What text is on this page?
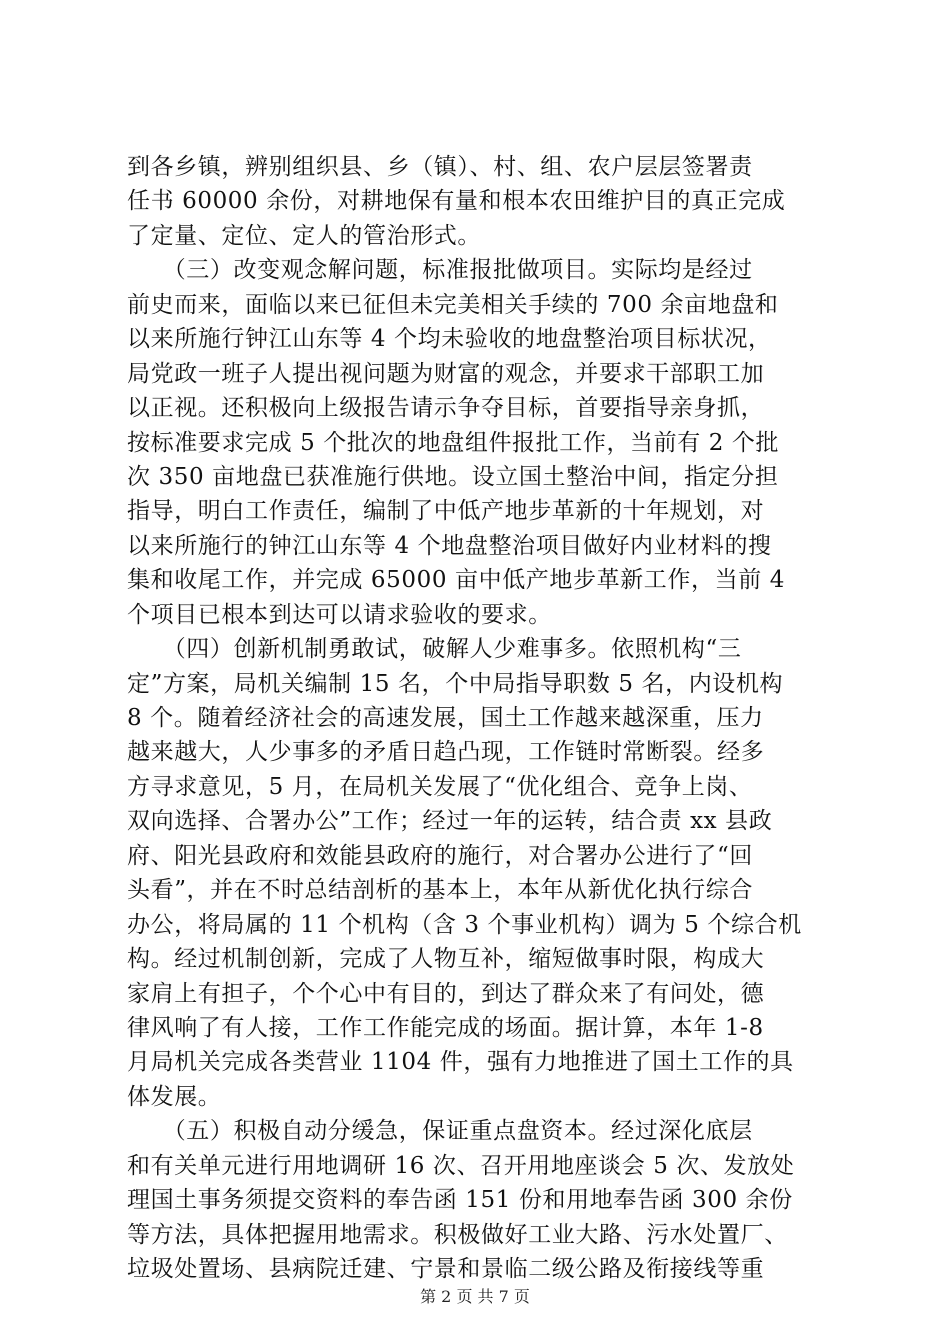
到各乡镇，辨别组织县、乡（镇）、村、组、农户层层签署责
任书 60000 余份，对耕地保有量和根本农田维护目的真正完成
了定量、定位、定人的管治形式。
　　（三）改变观念解问题，标准报批做项目。实际均是经过
前史而来，面临以来已征但未完美相关手续的 700 余亩地盘和
以来所施行钟江山东等 4 个均未验收的地盘整治项目标状况，
局党政一班子人提出视问题为财富的观念，并要求干部职工加
以正视。还积极向上级报告请示争夺目标，首要指导亲身抓，
按标准要求完成 5 个批次的地盘组件报批工作，当前有 2 个批
次 350 亩地盘已获准施行供地。设立国土整治中间，指定分担
指导，明白工作责任，编制了中低产地步革新的十年规划，对
以来所施行的钟江山东等 4 个地盘整治项目做好内业材料的搜
集和收尾工作，并完成 65000 亩中低产地步革新工作，当前 4
个项目已根本到达可以请求验收的要求。
　　（四）创新机制勇敢试，破解人少难事多。依照机构“三
定”方案，局机关编制 15 名，个中局指导职数 5 名，内设机构
8 个。随着经济社会的高速发展，国土工作越来越深重，压力
越来越大，人少事多的矛盾日趋凸现，工作链时常断裂。经多
方寻求意见，5 月，在局机关发展了“优化组合、竞争上岗、
双向选择、合署办公”工作；经过一年的运转，结合责 xx 县政
府、阳光县政府和效能县政府的施行，对合署办公进行了“回
头看”，并在不时总结剖析的基本上，本年从新优化执行综合
办公，将局属的 11 个机构（含 3 个事业机构）调为 5 个综合机
构。经过机制创新，完成了人物互补，缩短做事时限，构成大
家肩上有担子，个个心中有目的，到达了群众来了有问处，德
律风响了有人接，工作工作能完成的场面。据计算，本年 1-8
月局机关完成各类营业 1104 件，强有力地推进了国土工作的具
体发展。
　　（五）积极自动分缓急，保证重点盘资本。经过深化底层
和有关单元进行用地调研 16 次、召开用地座谈会 5 次、发放处
理国土事务须提交资料的奉告函 151 份和用地奉告函 300 余份
等方法，具体把握用地需求。积极做好工业大路、污水处置厂、
垃圾处置场、县病院迁建、宁景和景临二级公路及衔接线等重
第 2 页 共 7 页
